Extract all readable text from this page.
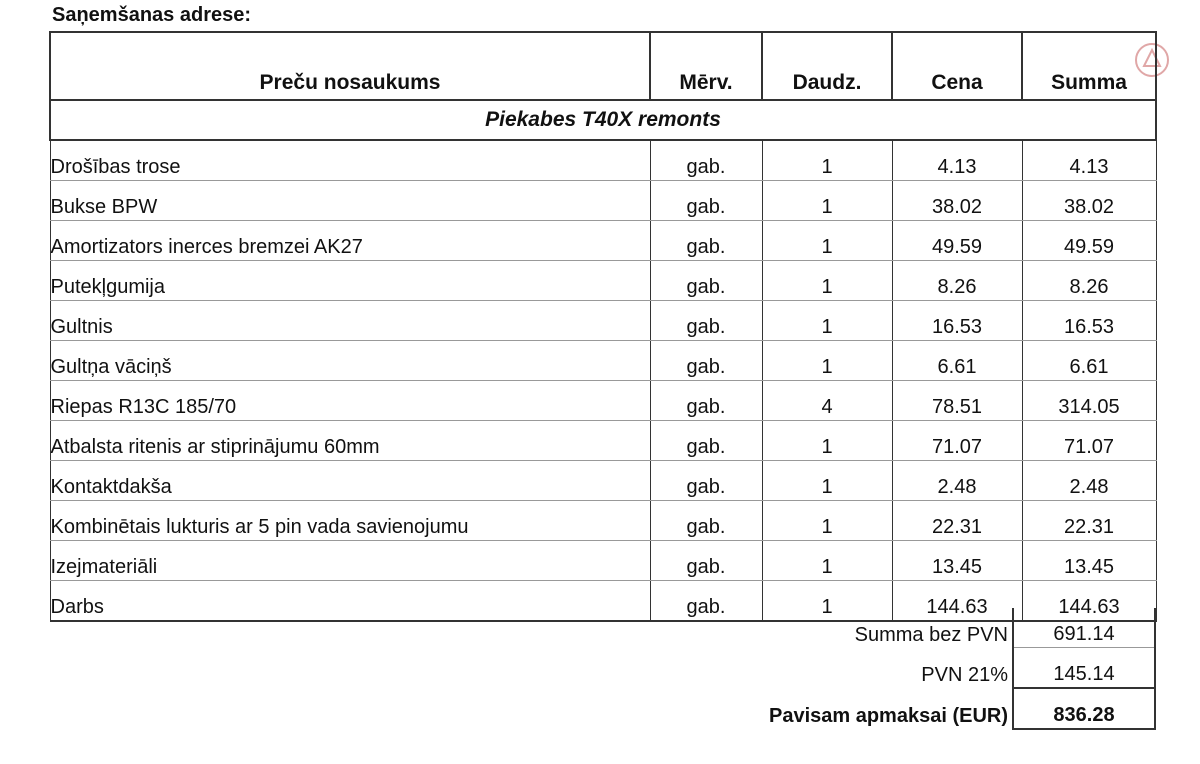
Saņemšanas adrese:
Preču nosaukums	Mērv.	Daudz.	Cena	Summa
Piekabes T40X remonts				
Drošības trose	gab.	1	4.13	4.13
Bukse BPW	gab.	1	38.02	38.02
Amortizators inerces bremzei AK27	gab.	1	49.59	49.59
Putekļgumija	gab.	1	8.26	8.26
Gultnis	gab.	1	16.53	16.53
Gultņa vāciņš	gab.	1	6.61	6.61
Riepas R13C 185/70	gab.	4	78.51	314.05
Atbalsta ritenis ar stiprinājumu 60mm	gab.	1	71.07	71.07
Kontaktdakša	gab.	1	2.48	2.48
Kombinētais lukturis ar 5 pin vada savienojumu	gab.	1	22.31	22.31
Izejmateriāli	gab.	1	13.45	13.45
Darbs	gab.	1	144.63	144.63
Summa bez PVN	691.14
PVN 21%	145.14
Pavisam apmaksai (EUR)	836.28
